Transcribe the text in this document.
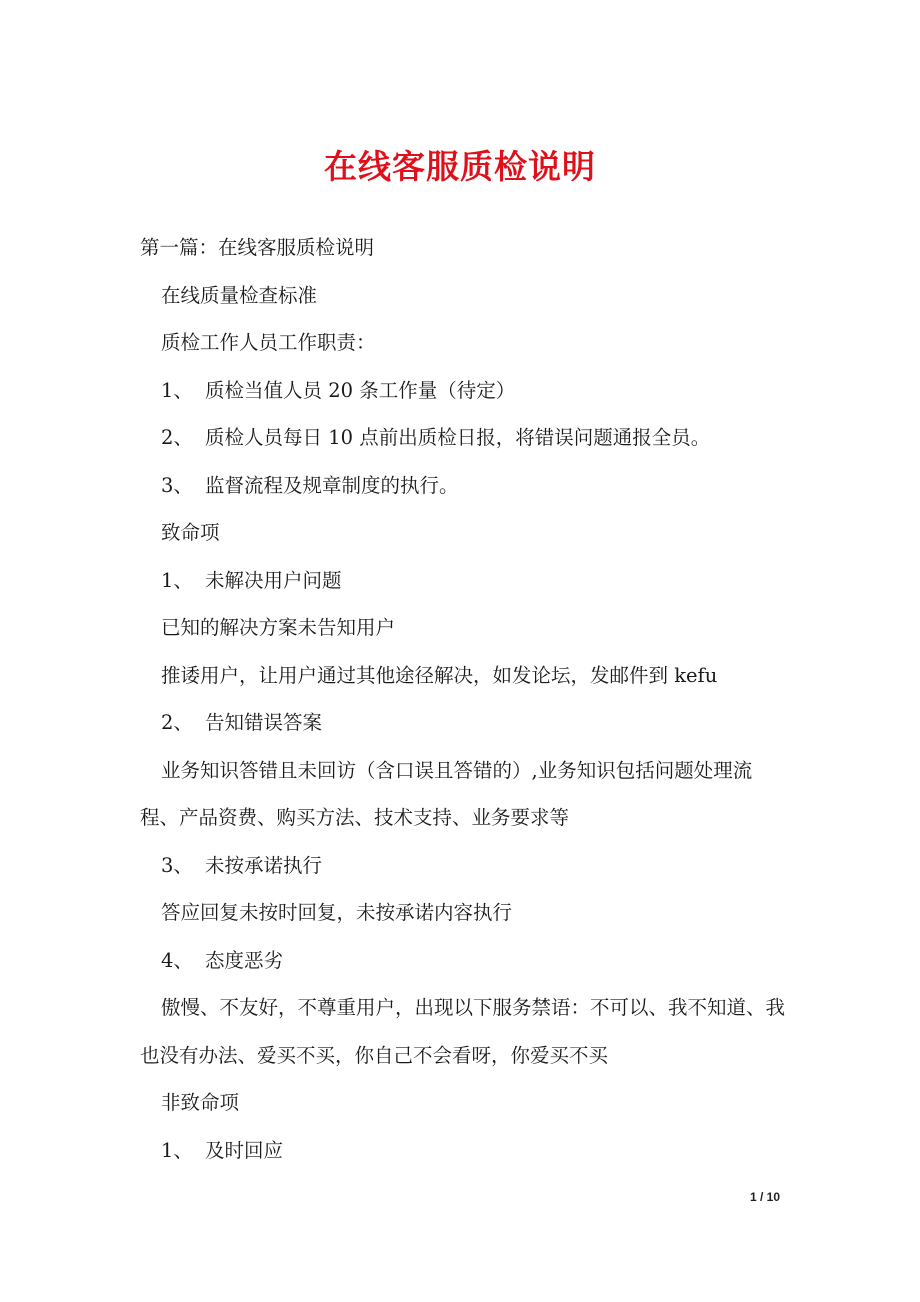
在线客服质检说明

第一篇：在线客服质检说明

在线质量检查标准

质检工作人员工作职责：

1、 质检当值人员 20 条工作量（待定）

2、 质检人员每日 10 点前出质检日报，将错误问题通报全员。

3、 监督流程及规章制度的执行。

致命项

1、 未解决用户问题

已知的解决方案未告知用户

推诿用户，让用户通过其他途径解决，如发论坛，发邮件到 kefu

2、 告知错误答案

业务知识答错且未回访（含口误且答错的）,业务知识包括问题处理流程、产品资费、购买方法、技术支持、业务要求等

3、 未按承诺执行

答应回复未按时回复，未按承诺内容执行

4、 态度恶劣

傲慢、不友好，不尊重用户，出现以下服务禁语：不可以、我不知道、我也没有办法、爱买不买，你自己不会看呀，你爱买不买

非致命项

1、 及时回应

1 / 10
